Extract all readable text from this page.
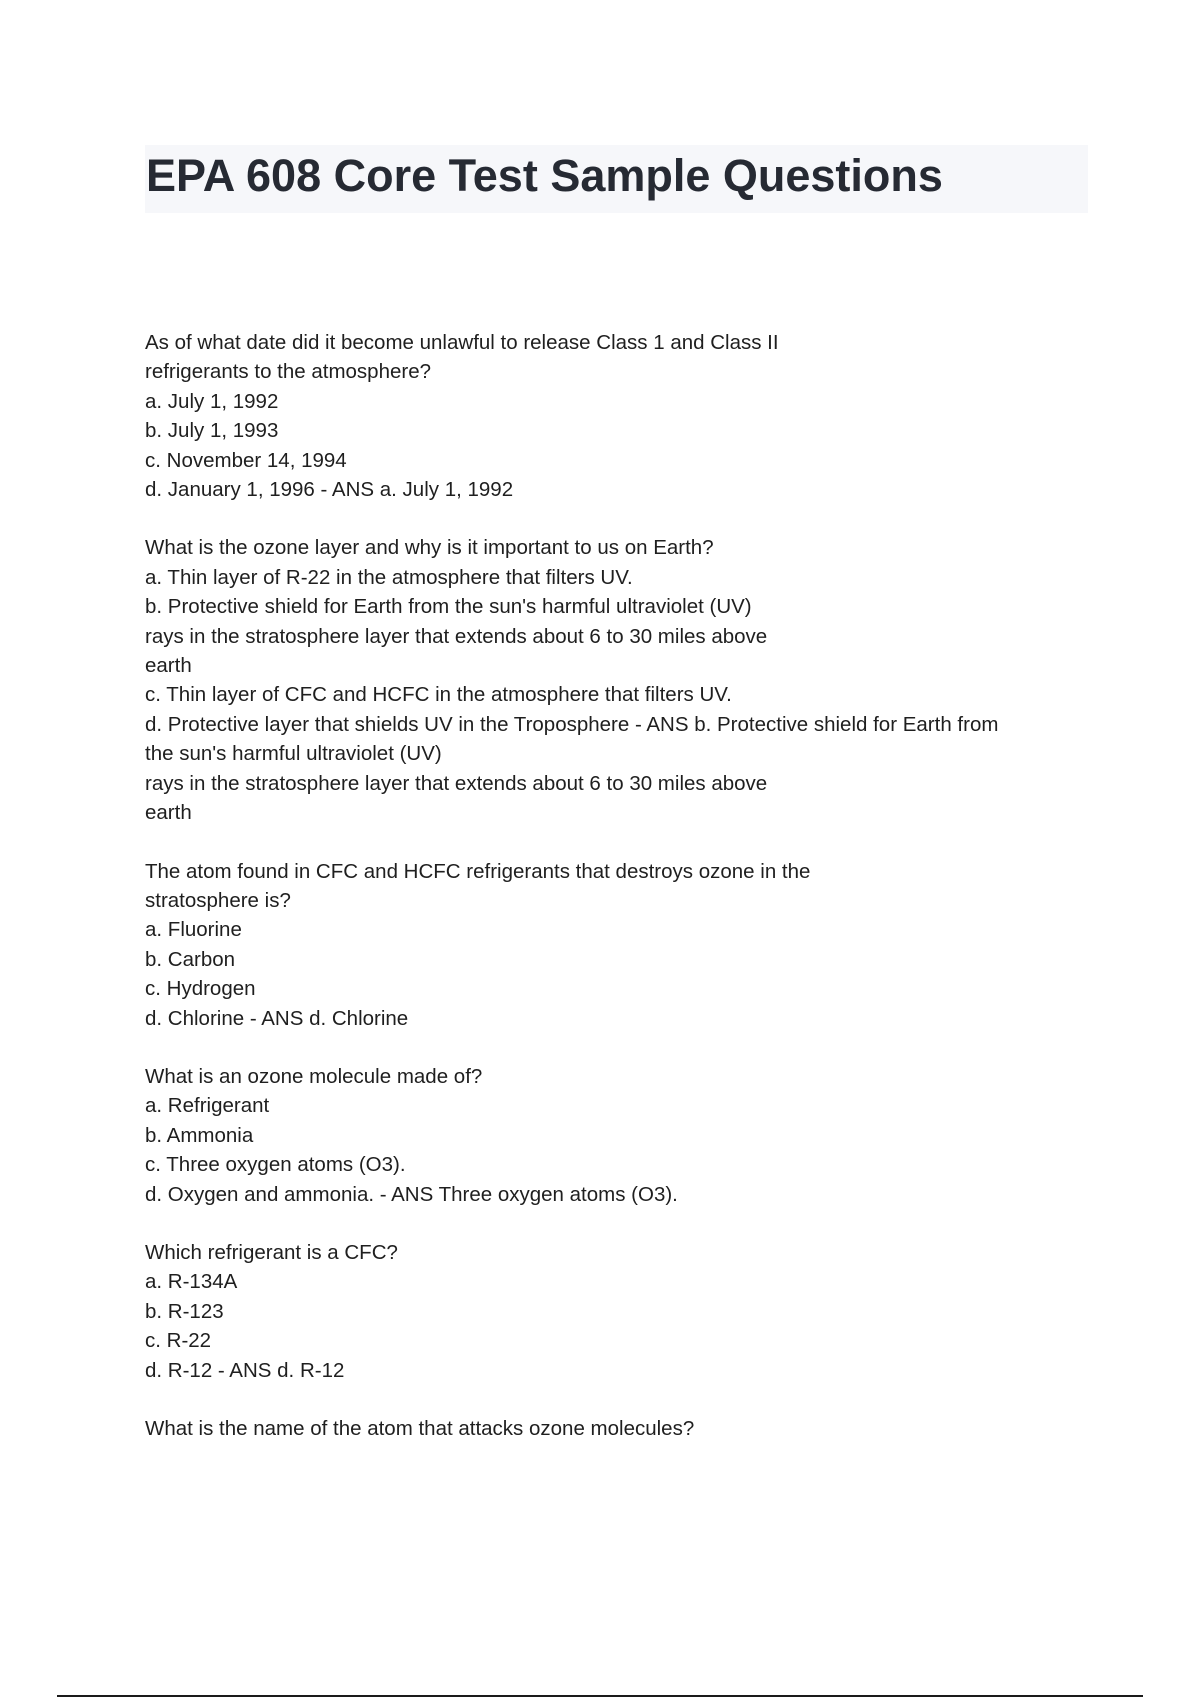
EPA 608 Core Test Sample Questions
As of what date did it become unlawful to release Class 1 and Class II
refrigerants to the atmosphere?
a. July 1, 1992
b. July 1, 1993
c. November 14, 1994
d. January 1, 1996 - ANS a. July 1, 1992
What is the ozone layer and why is it important to us on Earth?
a. Thin layer of R-22 in the atmosphere that filters UV.
b. Protective shield for Earth from the sun's harmful ultraviolet (UV)
rays in the stratosphere layer that extends about 6 to 30 miles above
earth
c. Thin layer of CFC and HCFC in the atmosphere that filters UV.
d. Protective layer that shields UV in the Troposphere - ANS b. Protective shield for Earth from
the sun's harmful ultraviolet (UV)
rays in the stratosphere layer that extends about 6 to 30 miles above
earth
The atom found in CFC and HCFC refrigerants that destroys ozone in the
stratosphere is?
a. Fluorine
b. Carbon
c. Hydrogen
d. Chlorine - ANS d. Chlorine
What is an ozone molecule made of?
a. Refrigerant
b. Ammonia
c. Three oxygen atoms (O3).
d. Oxygen and ammonia. - ANS Three oxygen atoms (O3).
Which refrigerant is a CFC?
a. R-134A
b. R-123
c. R-22
d. R-12 - ANS d. R-12
What is the name of the atom that attacks ozone molecules?
